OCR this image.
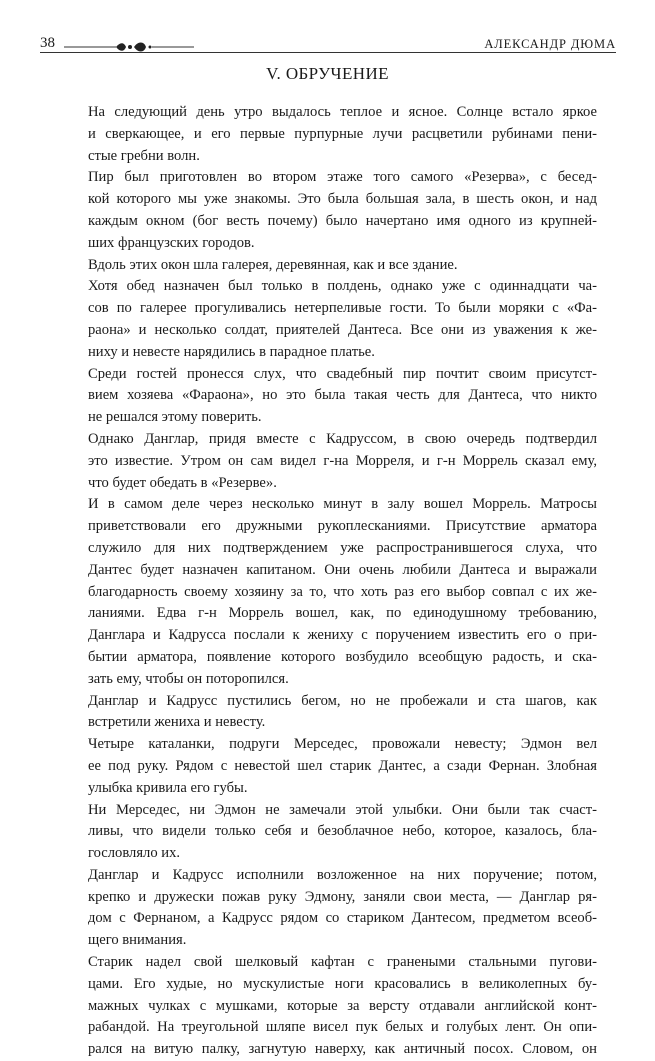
38	АЛЕКСАНДР ДЮМА
V. ОБРУЧЕНИЕ

На следующий день утро выдалось теплое и ясное. Солнце встало яркое
и сверкающее, и его первые пурпурные лучи расцветили рубинами пени-
стые гребни волн.

Пир был приготовлен во втором этаже того самого «Резерва», с бесед-
кой которого мы уже знакомы. Это была большая зала, в шесть окон, и над
каждым окном (бог весть почему) было начертано имя одного из крупней-
ших французских городов.

Вдоль этих окон шла галерея, деревянная, как и все здание.

Хотя обед назначен был только в полдень, однако уже с одиннадцати ча-
сов по галерее прогуливались нетерпеливые гости. То были моряки с «Фа-
раона» и несколько солдат, приятелей Дантеса. Все они из уважения к же-
ниху и невесте нарядились в парадное платье.

Среди гостей пронесся слух, что свадебный пир почтит своим присутст-
вием хозяева «Фараона», но это была такая честь для Дантеса, что никто
не решался этому поверить.

Однако Данглар, придя вместе с Кадруссом, в свою очередь подтвердил
это известие. Утром он сам видел г-на Морреля, и г-н Моррель сказал ему,
что будет обедать в «Резерве».

И в самом деле через несколько минут в залу вошел Моррель. Матросы
приветствовали его дружными рукоплесканиями. Присутствие арматора
служило для них подтверждением уже распространившегося слуха, что
Дантес будет назначен капитаном. Они очень любили Дантеса и выражали
благодарность своему хозяину за то, что хоть раз его выбор совпал с их же-
ланиями. Едва г-н Моррель вошел, как, по единодушному требованию,
Данглара и Кадрусса послали к жениху с поручением известить его о при-
бытии арматора, появление которого возбудило всеобщую радость, и ска-
зать ему, чтобы он потoропился.

Данглар и Кадрусс пустились бегом, но не пробежали и ста шагов, как
встретили жениха и невесту.

Четыре каталанки, подруги Мерседес, провожали невесту; Эдмон вел
ее под руку. Рядом с невестой шел старик Дантес, а сзади Фернан. Злобная
улыбка кривила его губы.

Ни Мерседес, ни Эдмон не замечали этой улыбки. Они были так счаст-
ливы, что видели только себя и безоблачное небо, которое, казалось, бла-
гословляло их.

Данглар и Кадрусс исполнили возложенное на них поручение; потом,
крепко и дружески пожав руку Эдмону, заняли свои места, — Данглар ря-
дом с Фернаном, а Кадрусс рядом со стариком Дантесом, предметом всеоб-
щего внимания.

Старик надел свой шелковый кафтан с гранеными стальными пугови-
цами. Его худые, но мускулистые ноги красовались в великолепных бу-
мажных чулках с мушками, которые за версту отдавали английской конт-
рабандой. На треугольной шляпе висел пук белых и голубых лент. Он опи-
рался на витую палку, загнутую наверху, как античный посох. Словом, он
